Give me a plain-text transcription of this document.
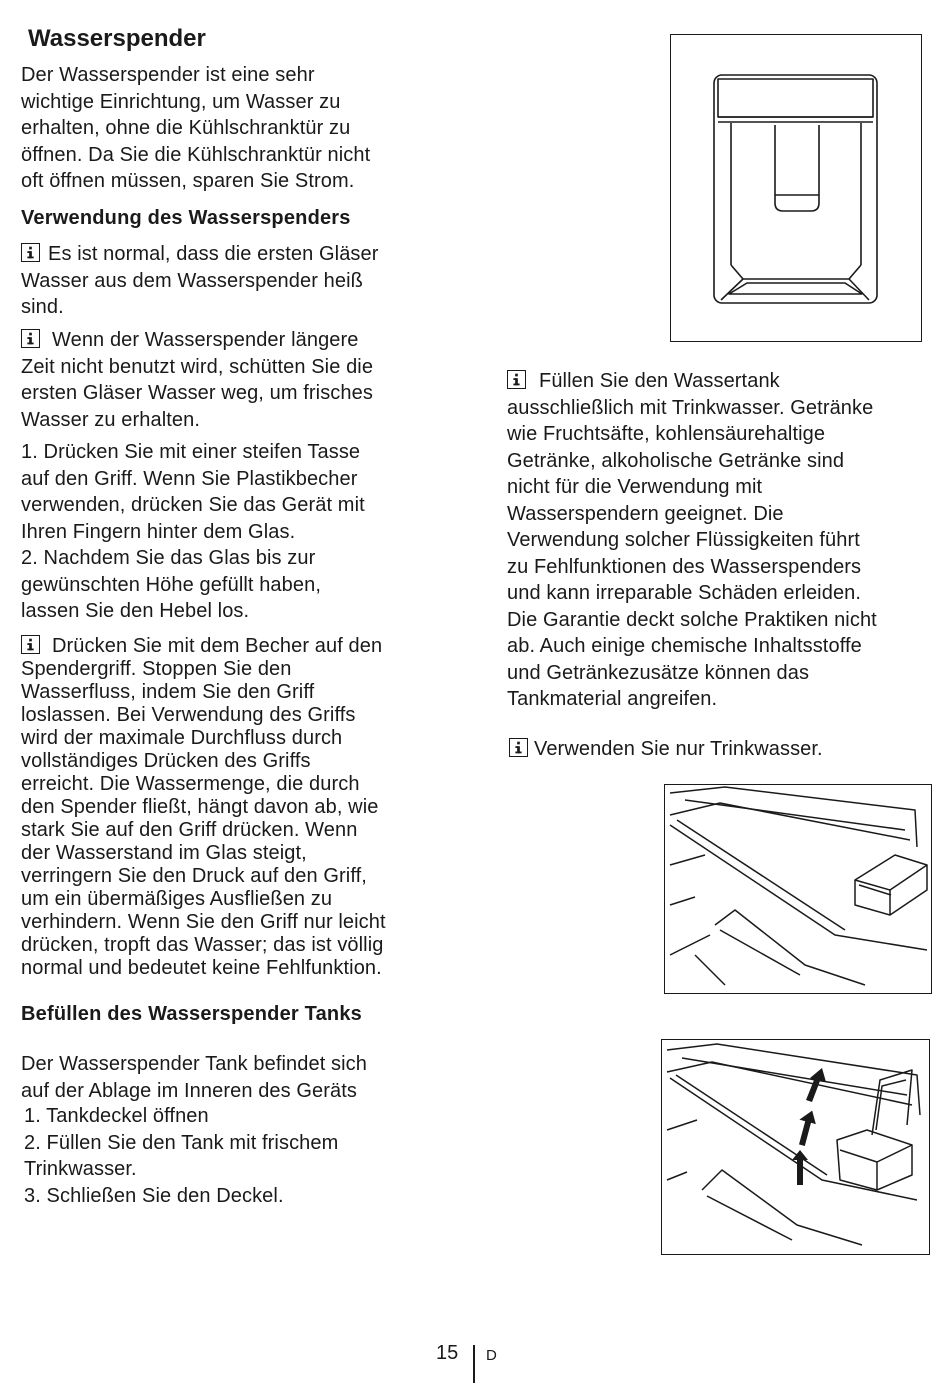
Wasserspender
Der Wasserspender ist eine sehr
wichtige Einrichtung, um Wasser zu
erhalten, ohne die Kühlschranktür zu
öffnen. Da Sie die Kühlschranktür nicht
oft öffnen müssen, sparen Sie Strom.
Verwendung des Wasserspenders
Es ist normal, dass die ersten Gläser
Wasser aus dem Wasserspender heiß
sind.
Wenn der Wasserspender längere
Zeit nicht benutzt wird, schütten Sie die
ersten Gläser Wasser weg, um frisches
Wasser zu erhalten.
1. Drücken Sie mit einer steifen Tasse
auf den Griff. Wenn Sie Plastikbecher
verwenden, drücken Sie das Gerät mit
Ihren Fingern hinter dem Glas.
2. Nachdem Sie das Glas bis zur
gewünschten Höhe gefüllt haben,
lassen Sie den Hebel los.
Drücken Sie mit dem Becher auf den
Spendergriff. Stoppen Sie den
Wasserfluss, indem Sie den Griff
loslassen. Bei Verwendung des Griffs
wird der maximale Durchfluss durch
vollständiges Drücken des Griffs
erreicht. Die Wassermenge, die durch
den Spender fließt, hängt davon ab, wie
stark Sie auf den Griff drücken. Wenn
der Wasserstand im Glas steigt,
verringern Sie den Druck auf den Griff,
um ein übermäßiges Ausfließen zu
verhindern. Wenn Sie den Griff nur leicht
drücken, tropft das Wasser; das ist völlig
normal und bedeutet keine Fehlfunktion.
Befüllen des Wasserspender Tanks
Der Wasserspender Tank befindet sich
auf der Ablage im Inneren des Geräts
1. Tankdeckel öffnen
2. Füllen Sie den Tank mit frischem
Trinkwasser.
3. Schließen Sie den Deckel.
Füllen Sie den Wassertank
ausschließlich mit Trinkwasser. Getränke
wie Fruchtsäfte, kohlensäurehaltige
Getränke, alkoholische Getränke sind
nicht für die Verwendung mit
Wasserspendern geeignet. Die
Verwendung solcher Flüssigkeiten führt
zu Fehlfunktionen des Wasserspenders
und kann irreparable Schäden erleiden.
Die Garantie deckt solche Praktiken nicht
ab. Auch einige chemische Inhaltsstoffe
und Getränkezusätze können das
Tankmaterial angreifen.
Verwenden Sie nur Trinkwasser.
15 D
